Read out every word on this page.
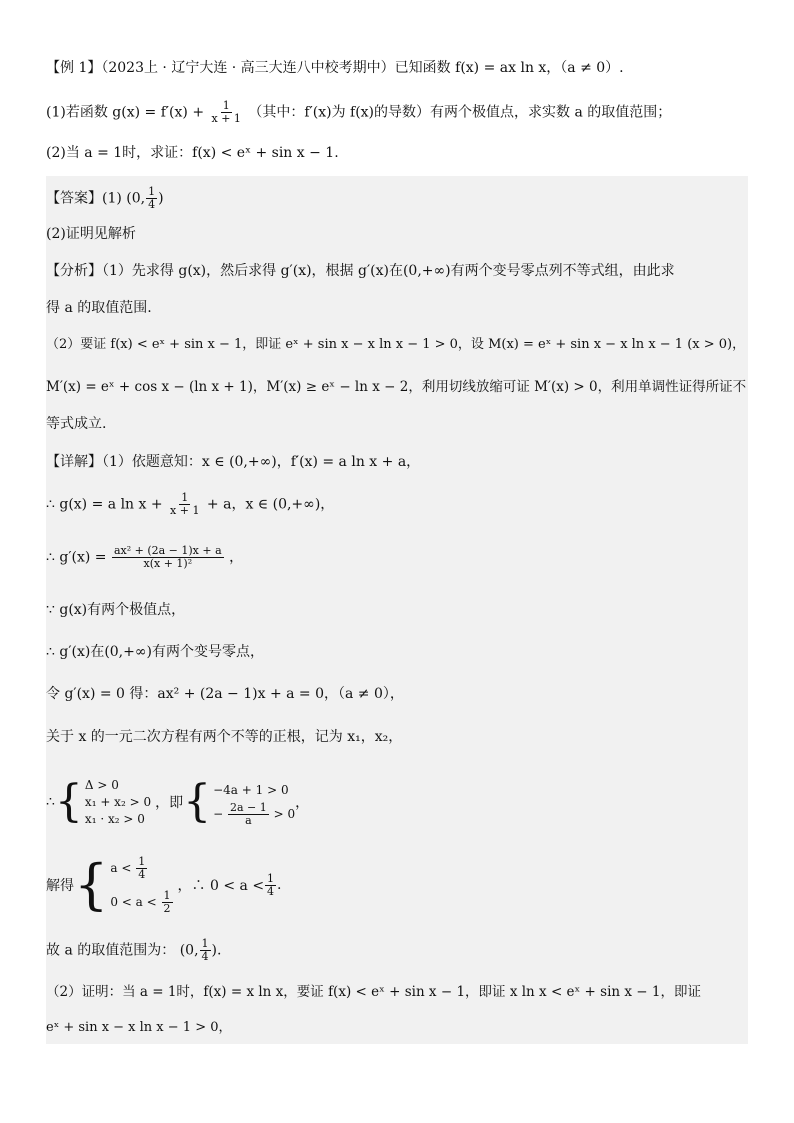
【例 1】（2023上 · 辽宁大连 · 高三大连八中校考期中）已知函数 f(x) = ax ln x，（a ≠ 0）.
(1)若函数 $g(x) = f'(x) + \frac{1}{x + 1}$ （其中：f′(x)为 f(x)的导数）有两个极值点，求实数 a 的取值范围；
(2)当 a = 1时，求证：f(x) < eˣ + sin x − 1.
【答案】(1) (0, $\frac{1}{4}$ )
(2)证明见解析
【分析】（1）先求得 g(x)，然后求得 g′(x)，根据 g′(x)在(0,+∞)有两个变号零点列不等式组，由此求
得 a 的取值范围.
（2）要证 f(x) < eˣ + sin x − 1，即证 eˣ + sin x − x ln x − 1 > 0，设 M(x) = eˣ + sin x − x ln x − 1 (x > 0)，
M′(x) = eˣ + cos x − (ln x + 1)，M′(x) ≥ eˣ − ln x − 2，利用切线放缩可证 M′(x) > 0，利用单调性证得所证不
等式成立.
【详解】（1）依题意知：x ∈ (0,+∞)，f′(x) = a ln x + a，
∴ g(x) = a $\ln x + \frac{1}{x + 1} + a$，x ∈ (0,+∞)，
∴ $g'(x) = \frac{\text{ax² + (2a − 1)x + a}}{\text{x(x + 1)²}}$ ，
∵ g(x)有两个极值点，
∴ g′(x)在(0,+∞)有两个变号零点，
令 g′(x) = 0 得：ax² + (2a − 1)x + a = 0，（a ≠ 0），
关于 x 的一元二次方程有两个不等的正根，记为 x₁，x₂，
∴ { Δ > 0
x₁ + x₂ > 0
x₁ · x₂ > 0
，即 { −4a + 1 > 0
− $\frac{2a - 1}{a} > 0$
，
解得 { $a < \frac{1}{4}$
$0 < a < \frac{1}{2}$
，∴ $0 < a < \frac{1}{4}$ .
故 a 的取值范围为： (0, $\frac{1}{4}$ ).
（2）证明：当 a = 1时，f(x) = x ln x，要证 f(x) < eˣ + sin x − 1，即证 x ln x < eˣ + sin x − 1，即证
eˣ + sin x − x ln x − 1 > 0，
